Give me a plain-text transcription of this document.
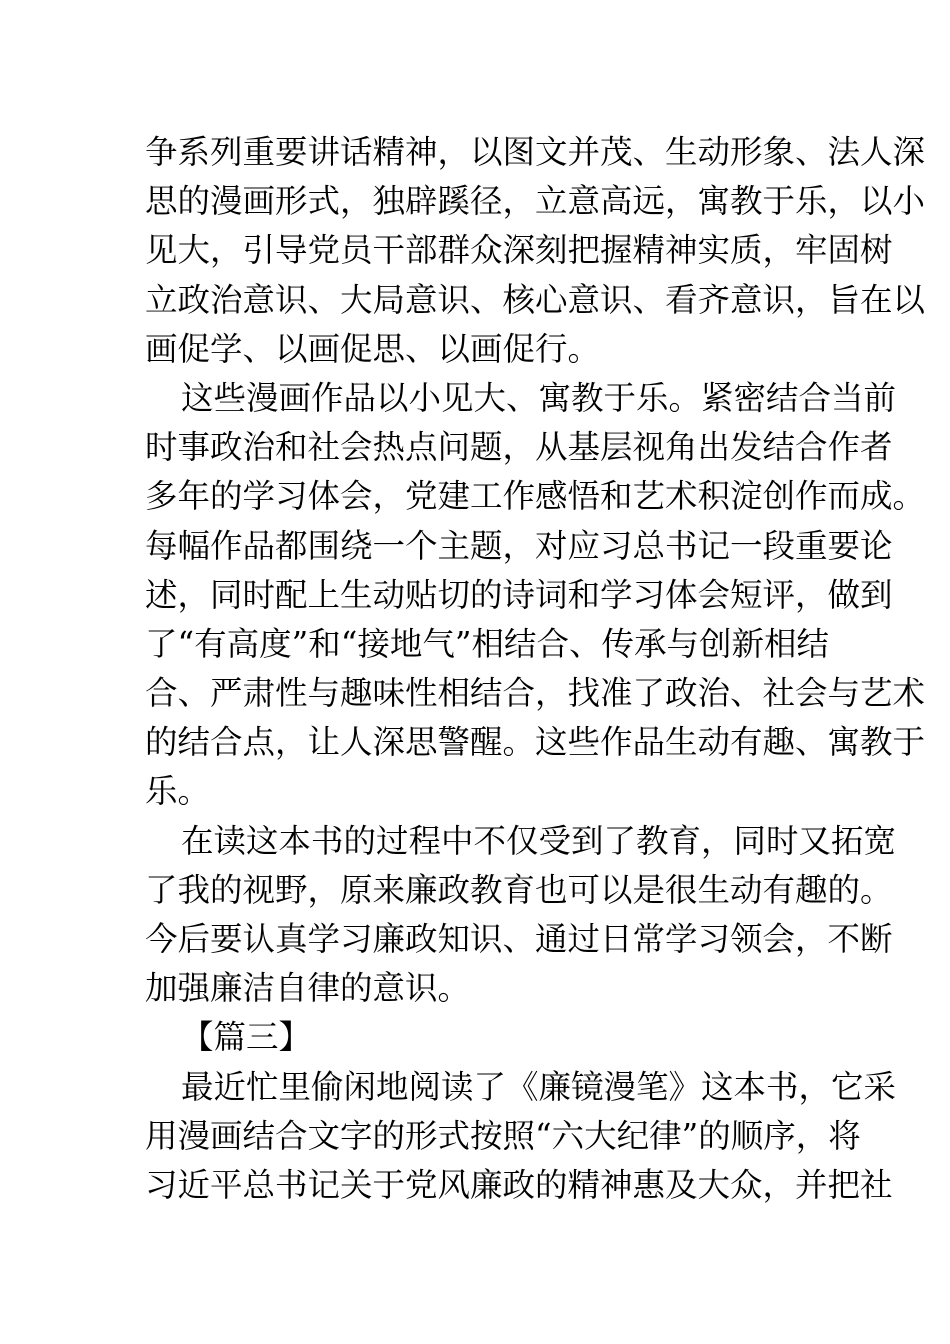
争系列重要讲话精神，以图文并茂、生动形象、法人深
思的漫画形式，独辟蹊径，立意高远，寓教于乐，以小
见大，引导党员干部群众深刻把握精神实质，牢固树
立政治意识、大局意识、核心意识、看齐意识，旨在以
画促学、以画促思、以画促行。
这些漫画作品以小见大、寓教于乐。紧密结合当前
时事政治和社会热点问题，从基层视角出发结合作者
多年的学习体会，党建工作感悟和艺术积淀创作而成。
每幅作品都围绕一个主题，对应习总书记一段重要论
述，同时配上生动贴切的诗词和学习体会短评，做到
了“有高度”和“接地气”相结合、传承与创新相结
合、严肃性与趣味性相结合，找准了政治、社会与艺术
的结合点，让人深思警醒。这些作品生动有趣、寓教于
乐。
在读这本书的过程中不仅受到了教育，同时又拓宽
了我的视野，原来廉政教育也可以是很生动有趣的。
今后要认真学习廉政知识、通过日常学习领会，不断
加强廉洁自律的意识。
【篇三】
最近忙里偷闲地阅读了《廉镜漫笔》这本书，它采
用漫画结合文字的形式按照“六大纪律”的顺序，将
习近平总书记关于党风廉政的精神惠及大众，并把社
